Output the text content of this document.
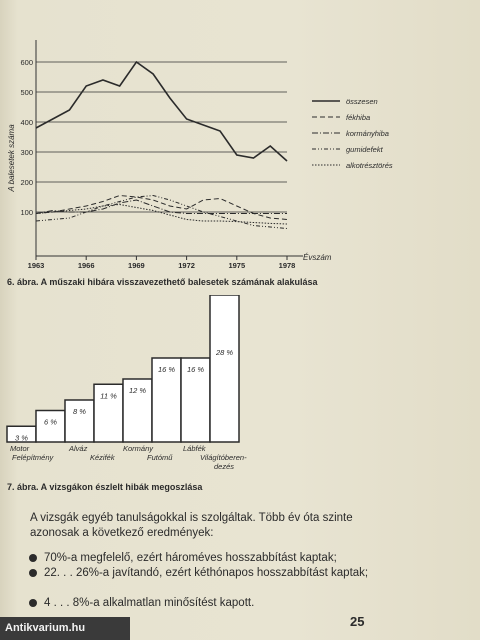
100
200
300
400
500
600
1963	1966	1969	1972	1975	1978
összesen
fékhiba
kormányhiba
gumidefekt
alkotrésztörés
A balesetek száma
Évszám
6. ábra. A műszaki hibára visszavezethető balesetek számának alakulása
3 %
6 %
8 %
11 %
12 %
16 % 16 %
28 %
Motor	Alváz	Kormány	Lábfék
Felépítmény	Kézifék	Futómű	Világítóberen-
dezés
7. ábra. A vizsgákon észlelt hibák megoszlása
A vizsgák egyéb tanulságokkal is szolgáltak. Több év óta szinte azonosak a következő eredmények:
70%-a megfelelő, ezért hároméves hosszabbítást kaptak;
22. . . 26%-a javítandó, ezért kéthónapos hosszabbítást kaptak;
4 . . . 8%-a alkalmatlan minősítést kapott.
25
Antikvarium.hu
